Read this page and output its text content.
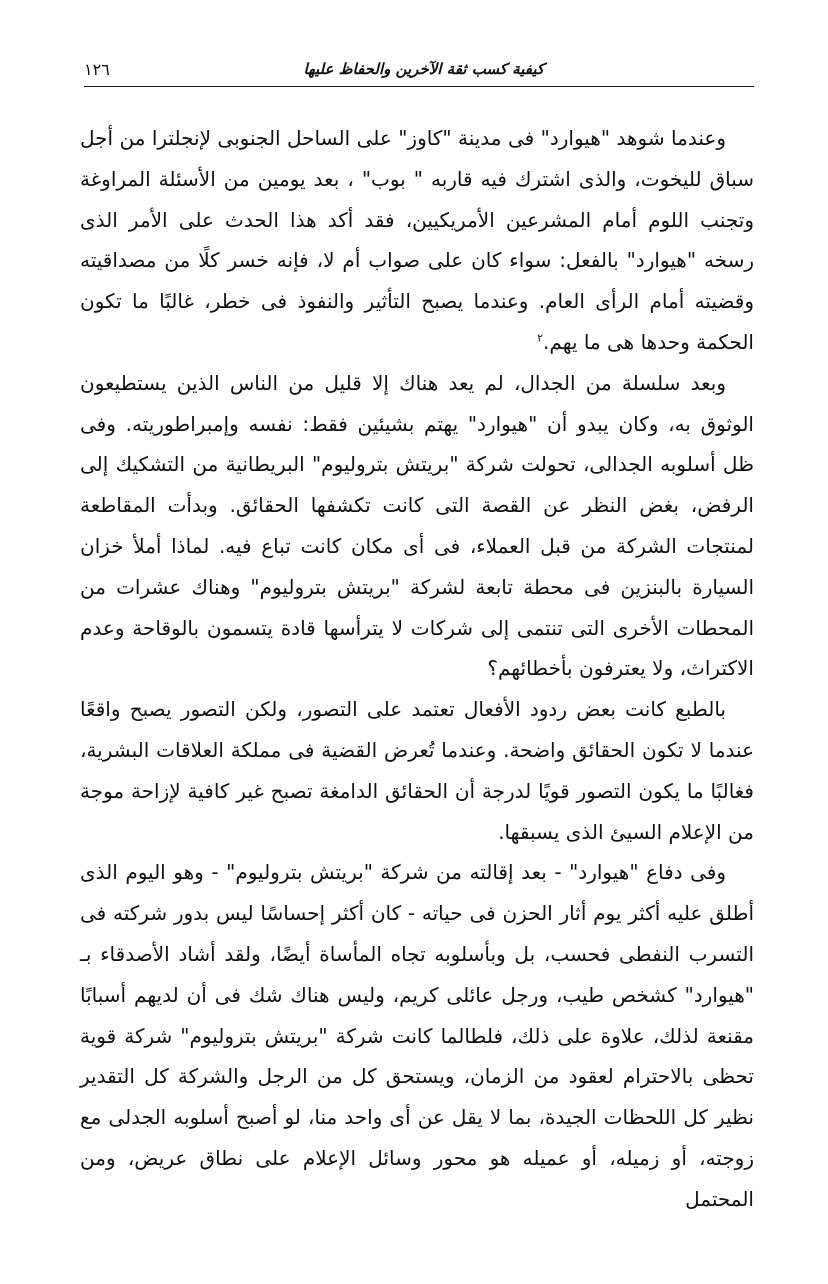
١٢٦	كيفية كسب ثقة الآخرين والحفاظ عليها

وعندما شوهد "هيوارد" فى مدينة "كاوز" على الساحل الجنوبى لإنجلترا من أجل سباق لليخوت، والذى اشترك فيه قاربه " بوب" ، بعد يومين من الأسئلة المراوغة وتجنب اللوم أمام المشرعين الأمريكيين، فقد أكد هذا الحدث على الأمر الذى رسخه "هيوارد" بالفعل: سواء كان على صواب أم لا، فإنه خسر كلًا من مصداقيته وقضيته أمام الرأى العام. وعندما يصبح التأثير والنفوذ فى خطر، غالبًا ما تكون الحكمة وحدها هى ما يهم.$^٢$

وبعد سلسلة من الجدال، لم يعد هناك إلا قليل من الناس الذين يستطيعون الوثوق به، وكان يبدو أن "هيوارد" يهتم بشيئين فقط: نفسه وإمبراطوريته. وفى ظل أسلوبه الجدالى، تحولت شركة "بريتش بتروليوم" البريطانية من التشكيك إلى الرفض، بغض النظر عن القصة التى كانت تكشفها الحقائق. وبدأت المقاطعة لمنتجات الشركة من قبل العملاء، فى أى مكان كانت تباع فيه. لماذا أملأ خزان السيارة بالبنزين فى محطة تابعة لشركة "بريتش بتروليوم" وهناك عشرات من المحطات الأخرى التى تنتمى إلى شركات لا يترأسها قادة يتسمون بالوقاحة وعدم الاكتراث، ولا يعترفون بأخطائهم؟

بالطبع كانت بعض ردود الأفعال تعتمد على التصور، ولكن التصور يصبح واقعًا عندما لا تكون الحقائق واضحة. وعندما تُعرض القضية فى مملكة العلاقات البشرية، فغالبًا ما يكون التصور قويًا لدرجة أن الحقائق الدامغة تصبح غير كافية لإزاحة موجة من الإعلام السيئ الذى يسبقها.

وفى دفاع "هيوارد" - بعد إقالته من شركة "بريتش بتروليوم" - وهو اليوم الذى أطلق عليه أكثر يوم أثار الحزن فى حياته - كان أكثر إحساسًا ليس بدور شركته فى التسرب النفطى فحسب، بل وبأسلوبه تجاه المأساة أيضًا، ولقد أشاد الأصدقاء بـ "هيوارد" كشخص طيب، ورجل عائلى كريم، وليس هناك شك فى أن لديهم أسبابًا مقنعة لذلك، علاوة على ذلك، فلطالما كانت شركة "بريتش بتروليوم" شركة قوية تحظى بالاحترام لعقود من الزمان، ويستحق كل من الرجل والشركة كل التقدير نظير كل اللحظات الجيدة، بما لا يقل عن أى واحد منا، لو أصبح أسلوبه الجدلى مع زوجته، أو زميله، أو عميله هو محور وسائل الإعلام على نطاق عريض، ومن المحتمل
